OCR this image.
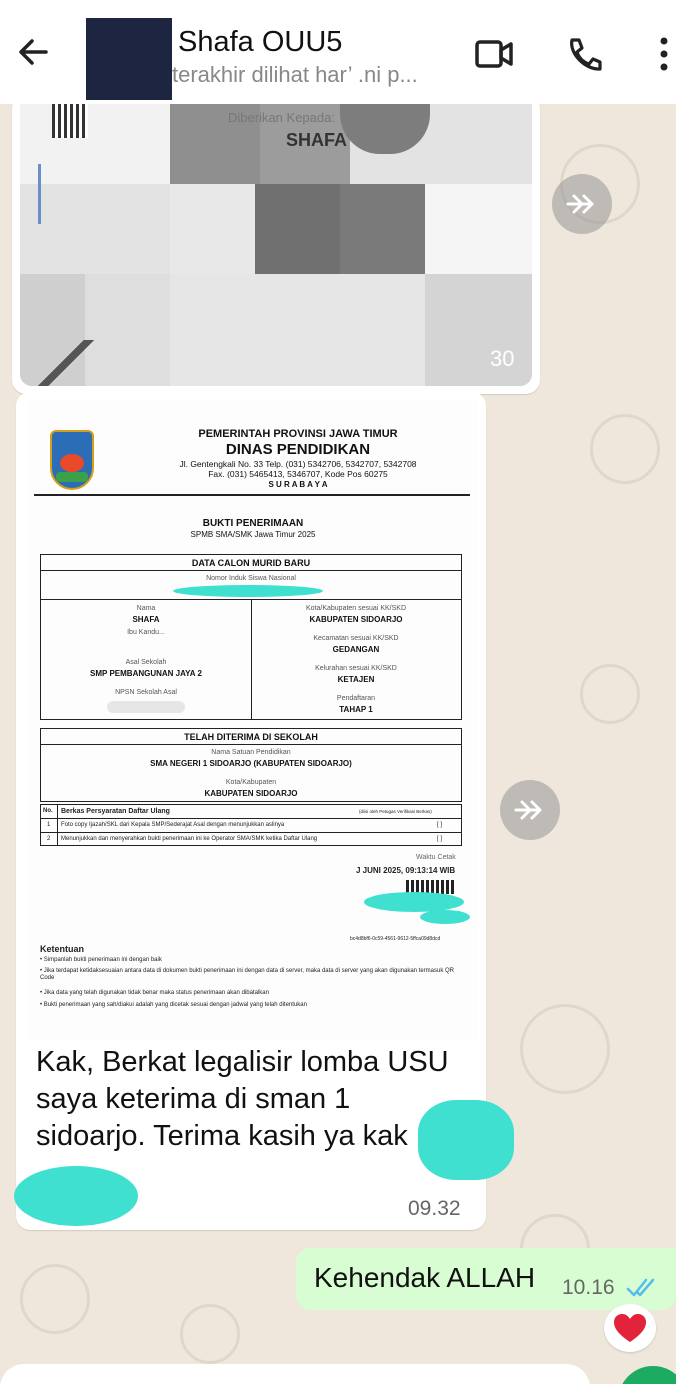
Shafa OUU5
terakhir dilihat har’ .ni p...
Diberikan Kepada:
SHAFA
30
PEMERINTAH PROVINSI JAWA TIMUR
DINAS PENDIDIKAN
Jl. Gentengkali No. 33 Telp. (031) 5342706, 5342707, 5342708
Fax. (031) 5465413, 5346707, Kode Pos 60275
S U R A B A Y A
BUKTI PENERIMAAN
SPMB SMA/SMK Jawa Timur 2025
DATA CALON MURID BARU
Nomor Induk Siswa Nasional
Nama
SHAFA
Ibu Kandu...
Asal Sekolah
SMP PEMBANGUNAN JAYA 2
NPSN Sekolah Asal
Kota/Kabupaten sesuai KK/SKD
KABUPATEN SIDOARJO
Kecamatan sesuai KK/SKD
GEDANGAN
Kelurahan sesuai KK/SKD
KETAJEN
Pendaftaran
TAHAP 1
TELAH DITERIMA DI SEKOLAH
Nama Satuan Pendidikan
SMA NEGERI 1 SIDOARJO (KABUPATEN SIDOARJO)
Kota/Kabupaten
KABUPATEN SIDOARJO
No. Berkas Persyaratan Daftar Ulang	(diisi oleh Petugas Verifikasi Berkas)
1 Foto copy Ijazah/SKL dari Kepala SMP/Sederajat Asal dengan menunjukkan aslinya	[ ]
2 Menunjukkan dan menyerahkan bukti penerimaan ini ke Operator SMA/SMK ketika Daftar Ulang	[ ]
Waktu Cetak
J JUNI 2025, 09:13:14 WIB
bc4d8bf6-0c59-4561-9612-5ffca09d8dcd
Ketentuan
• Simpanlah bukti penerimaan ini dengan baik
• Jika terdapat ketidaksesuaian antara data di dokumen bukti penerimaan ini dengan data di server, maka data di server yang akan digunakan termasuk QR Code
• Jika data yang telah digunakan tidak benar maka status penerimaan akan dibatalkan
• Bukti penerimaan yang sah/diakui adalah yang dicetak sesuai dengan jadwal yang telah ditentukan
Kak, Berkat legalisir lomba USU saya keterima di sman 1 sidoarjo. Terima kasih ya kak
09.32
Kehendak ALLAH 10.16
